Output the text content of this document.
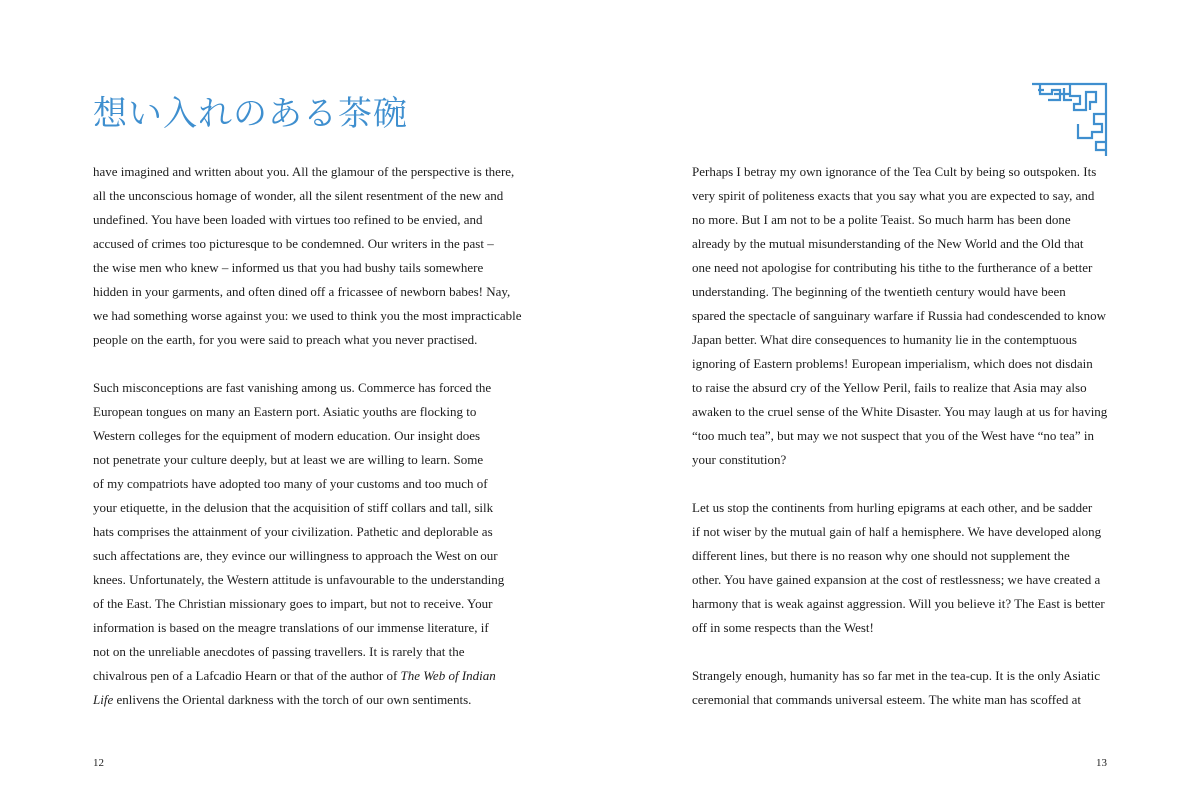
想い入れのある茶碗
have imagined and written about you. All the glamour of the perspective is there,
all the unconscious homage of wonder, all the silent resentment of the new and
undefined. You have been loaded with virtues too refined to be envied, and
accused of crimes too picturesque to be condemned. Our writers in the past –
the wise men who knew – informed us that you had bushy tails somewhere
hidden in your garments, and often dined off a fricassee of newborn babes! Nay,
we had something worse against you: we used to think you the most impracticable
people on the earth, for you were said to preach what you never practised.
Such misconceptions are fast vanishing among us. Commerce has forced the
European tongues on many an Eastern port. Asiatic youths are flocking to
Western colleges for the equipment of modern education. Our insight does
not penetrate your culture deeply, but at least we are willing to learn. Some
of my compatriots have adopted too many of your customs and too much of
your etiquette, in the delusion that the acquisition of stiff collars and tall, silk
hats comprises the attainment of your civilization. Pathetic and deplorable as
such affectations are, they evince our willingness to approach the West on our
knees. Unfortunately, the Western attitude is unfavourable to the understanding
of the East. The Christian missionary goes to impart, but not to receive. Your
information is based on the meagre translations of our immense literature, if
not on the unreliable anecdotes of passing travellers. It is rarely that the
chivalrous pen of a Lafcadio Hearn or that of the author of The Web of Indian
Life enlivens the Oriental darkness with the torch of our own sentiments.
Perhaps I betray my own ignorance of the Tea Cult by being so outspoken. Its
very spirit of politeness exacts that you say what you are expected to say, and
no more. But I am not to be a polite Teaist. So much harm has been done
already by the mutual misunderstanding of the New World and the Old that
one need not apologise for contributing his tithe to the furtherance of a better
understanding. The beginning of the twentieth century would have been
spared the spectacle of sanguinary warfare if Russia had condescended to know
Japan better. What dire consequences to humanity lie in the contemptuous
ignoring of Eastern problems! European imperialism, which does not disdain
to raise the absurd cry of the Yellow Peril, fails to realize that Asia may also
awaken to the cruel sense of the White Disaster. You may laugh at us for having
“too much tea”, but may we not suspect that you of the West have “no tea” in
your constitution?
Let us stop the continents from hurling epigrams at each other, and be sadder
if not wiser by the mutual gain of half a hemisphere. We have developed along
different lines, but there is no reason why one should not supplement the
other. You have gained expansion at the cost of restlessness; we have created a
harmony that is weak against aggression. Will you believe it? The East is better
off in some respects than the West!
Strangely enough, humanity has so far met in the tea-cup. It is the only Asiatic
ceremonial that commands universal esteem. The white man has scoffed at
12	13
